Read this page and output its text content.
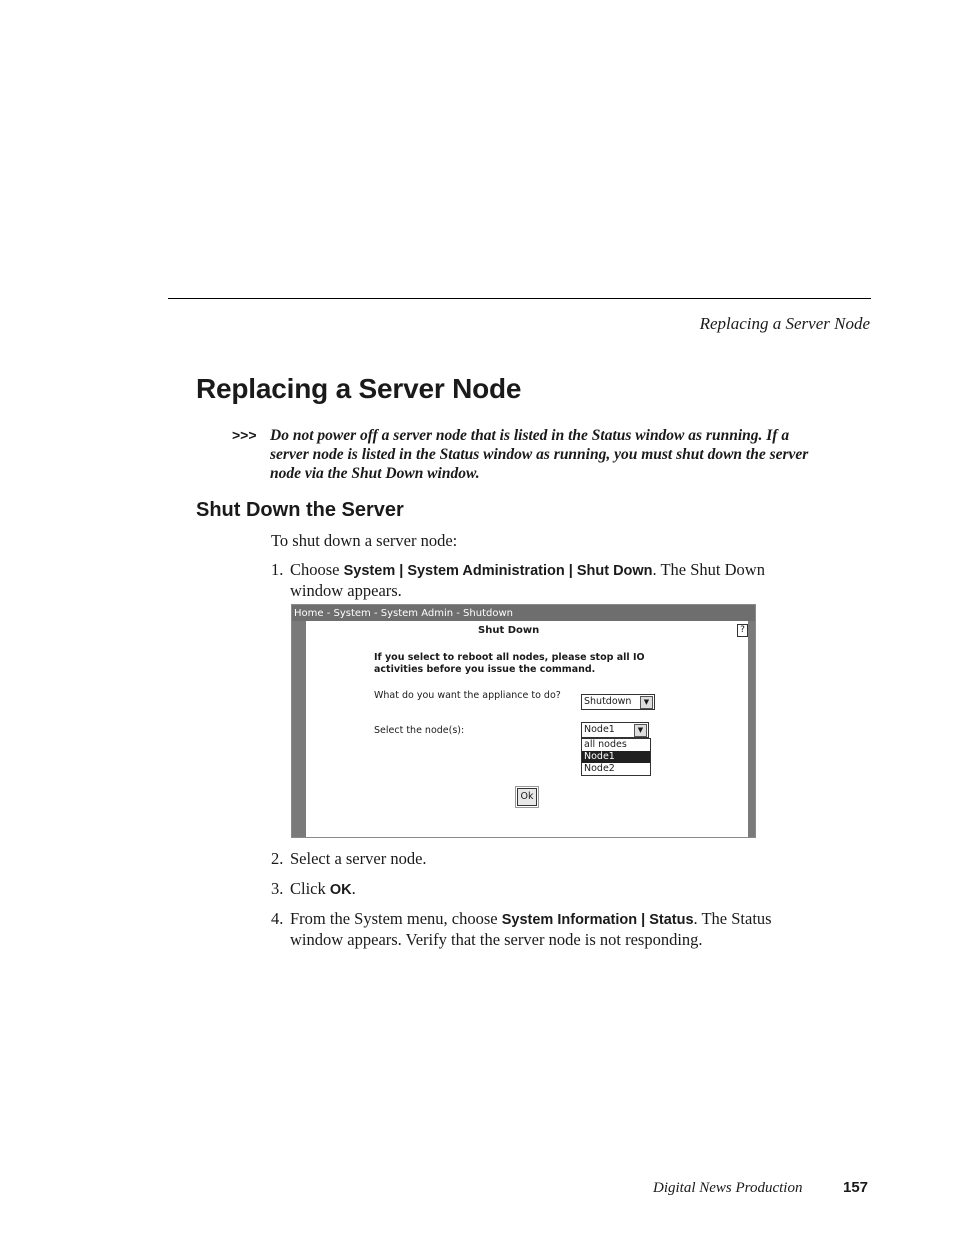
Replacing a Server Node
Replacing a Server Node
>>> Do not power off a server node that is listed in the Status window as running. If a server node is listed in the Status window as running, you must shut down the server node via the Shut Down window.
Shut Down the Server
To shut down a server node:
1. Choose System | System Administration | Shut Down. The Shut Down window appears.
Home - System - System Admin - Shutdown
Shut Down	?
If you select to reboot all nodes, please stop all IO activities before you issue the command.
What do you want the appliance to do?
Shutdown	▼
Select the node(s):	Node1	▼
all nodes
Node1
Node2
Ok
2. Select a server node.
3. Click OK.
4. From the System menu, choose System Information | Status. The Status window appears. Verify that the server node is not responding.
Digital News Production	157
